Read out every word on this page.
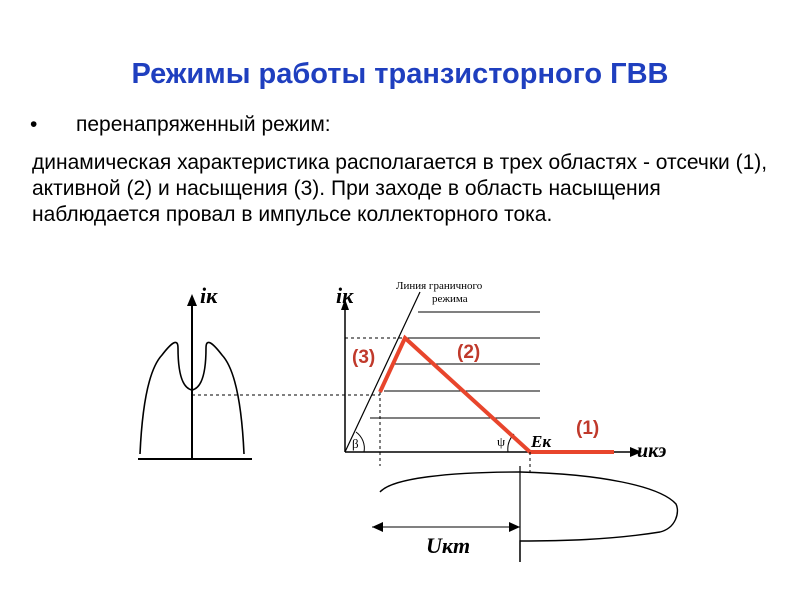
Режимы работы транзисторного ГВВ
• перенапряженный режим:
динамическая характеристика располагается в трех областях - отсечки (1), активной (2) и насыщения (3). При заходе в область насыщения наблюдается провал в импульсе коллекторного тока.
iк	iк
uкэ
Линия граничного
режима
β	ψ
(3)	(2)
(1)
Eк
Uкm
